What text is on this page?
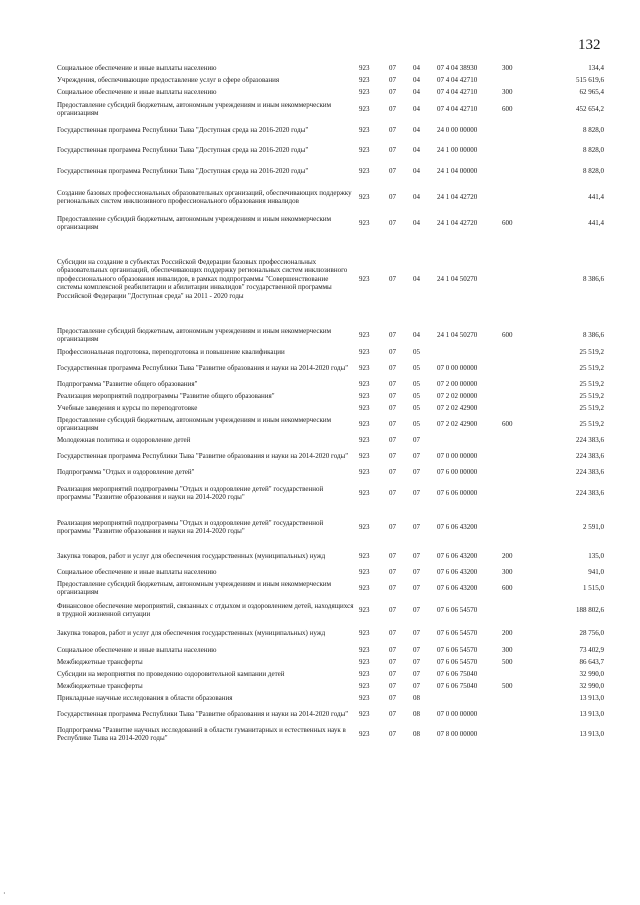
132
Социальное обеспечение и иные выплаты населению	923	07	04	07 4 04 38930	300	134,4
Учреждения, обеспечивающие предоставление услуг в сфере образования	923	07	04	07 4 04 42710		515 619,6
Социальное обеспечение и иные выплаты населению	923	07	04	07 4 04 42710	300	62 965,4
Предоставление субсидий бюджетным, автономным учреждениям и иным некоммерческим организациям	923	07	04	07 4 04 42710	600	452 654,2
Государственная программа Республики Тыва "Доступная среда на 2016-2020 годы"	923	07	04	24 0 00 00000		8 828,0
Государственная программа Республики Тыва "Доступная среда на 2016-2020 годы"	923	07	04	24 1 00 00000		8 828,0
Государственная программа Республики Тыва "Доступная среда на 2016-2020 годы"	923	07	04	24 1 04 00000		8 828,0
Создание базовых профессиональных образовательных организаций, обеспечивающих поддержку региональных систем инклюзивного профессионального образования инвалидов	923	07	04	24 1 04 42720		441,4
Предоставление субсидий бюджетным, автономным учреждениям и иным некоммерческим организациям	923	07	04	24 1 04 42720	600	441,4
Субсидии на создание в субъектах Российской Федерации базовых профессиональных образовательных организаций, обеспечивающих поддержку региональных систем инклюзивного профессионального образования инвалидов, в рамках подпрограммы "Совершенствование системы комплексной реабилитации и абилитации инвалидов" государственной программы Российской Федерации "Доступная среда" на 2011 - 2020 годы	923	07	04	24 1 04 50270		8 386,6
Предоставление субсидий бюджетным, автономным учреждениям и иным некоммерческим организациям	923	07	04	24 1 04 50270	600	8 386,6
Профессиональная подготовка, переподготовка и повышение квалификации	923	07	05			25 519,2
Государственная программа Республики Тыва "Развитие образования и науки на 2014-2020 годы"	923	07	05	07 0 00 00000		25 519,2
Подпрограмма "Развитие общего образования"	923	07	05	07 2 00 00000		25 519,2
Реализация мероприятий подпрограммы "Развитие общего образования"	923	07	05	07 2 02 00000		25 519,2
Учебные заведения и курсы по переподготовке	923	07	05	07 2 02 42900		25 519,2
Предоставление субсидий бюджетным, автономным учреждениям и иным некоммерческим организациям	923	07	05	07 2 02 42900	600	25 519,2
Молодежная политика и оздоровление детей	923	07	07			224 383,6
Государственная программа Республики Тыва "Развитие образования и науки на 2014-2020 годы"	923	07	07	07 0 00 00000		224 383,6
Подпрограмма "Отдых и оздоровление детей"	923	07	07	07 6 00 00000		224 383,6
Реализация мероприятий подпрограммы "Отдых и оздоровление детей" государственной программы "Развитие образования и науки на 2014-2020 годы"	923	07	07	07 6 06 00000		224 383,6
Реализация мероприятий подпрограммы "Отдых и оздоровление детей" государственной программы "Развитие образования и науки на 2014-2020 годы"	923	07	07	07 6 06 43200		2 591,0
Закупка товаров, работ и услуг для обеспечения государственных (муниципальных) нужд	923	07	07	07 6 06 43200	200	135,0
Социальное обеспечение и иные выплаты населению	923	07	07	07 6 06 43200	300	941,0
Предоставление субсидий бюджетным, автономным учреждениям и иным некоммерческим организациям	923	07	07	07 6 06 43200	600	1 515,0
Финансовое обеспечение мероприятий, связанных с отдыхом и оздоровлением детей, находящихся в трудной жизненной ситуации	923	07	07	07 6 06 54570		188 802,6
Закупка товаров, работ и услуг для обеспечения государственных (муниципальных) нужд	923	07	07	07 6 06 54570	200	28 756,0
Социальное обеспечение и иные выплаты населению	923	07	07	07 6 06 54570	300	73 402,9
Межбюджетные трансферты	923	07	07	07 6 06 54570	500	86 643,7
Субсидии на мероприятия по проведению оздоровительной кампании детей	923	07	07	07 6 06 75040		32 990,0
Межбюджетные трансферты	923	07	07	07 6 06 75040	500	32 990,0
Прикладные научные исследования в области образования	923	07	08			13 913,0
Государственная программа Республики Тыва "Развитие образования и науки на 2014-2020 годы"	923	07	08	07 0 00 00000		13 913,0
Подпрограмма "Развитие научных исследований в области гуманитарных и естественных наук в Республике Тыва на 2014-2020 годы"	923	07	08	07 8 00 00000		13 913,0
·
